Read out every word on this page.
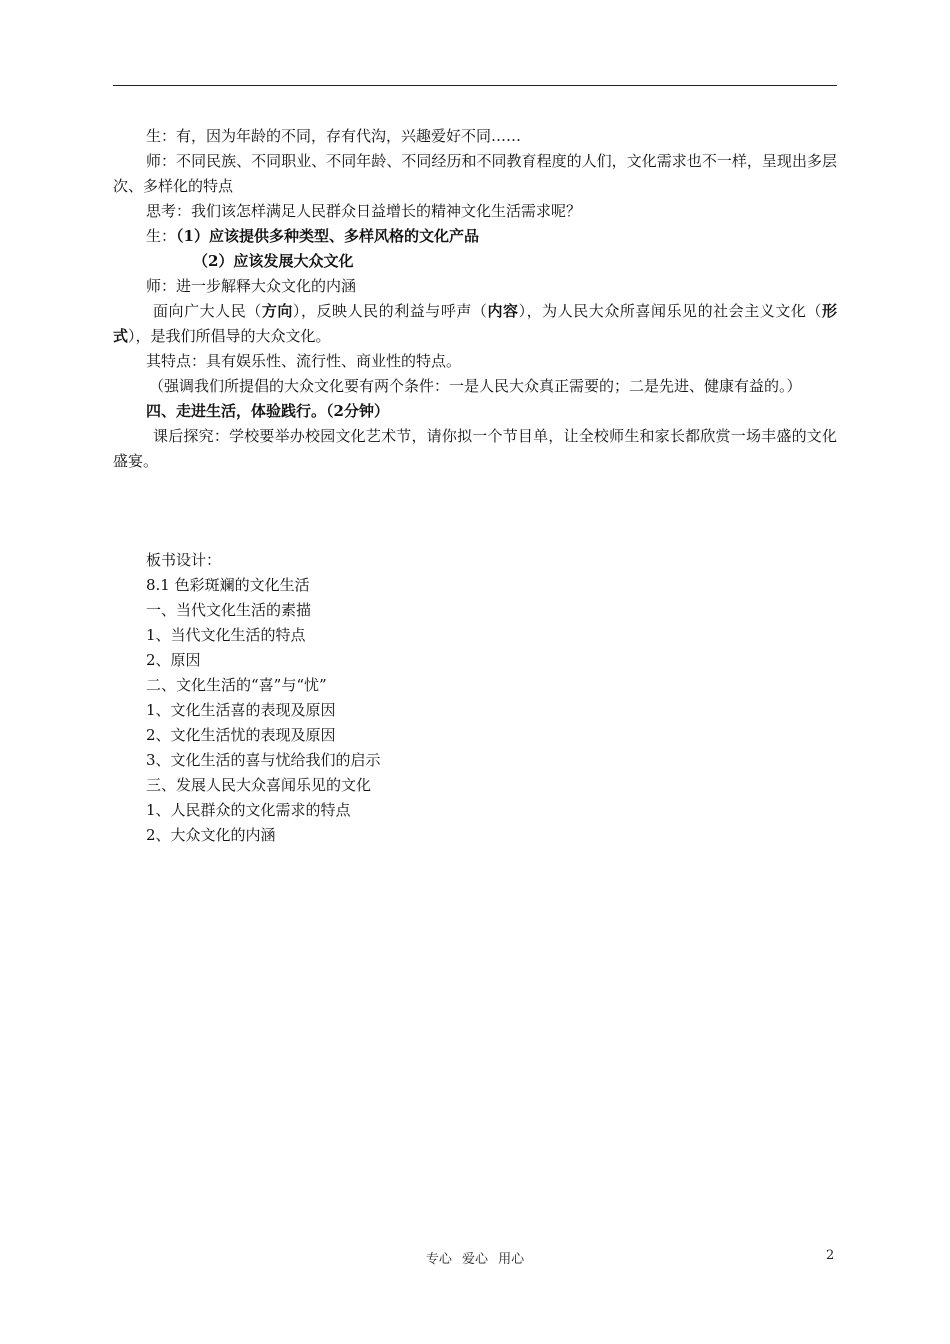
生：有，因为年龄的不同，存有代沟，兴趣爱好不同……

师：不同民族、不同职业、不同年龄、不同经历和不同教育程度的人们，文化需求也不一样，呈现出多层次、多样化的特点

思考：我们该怎样满足人民群众日益增长的精神文化生活需求呢？

生：（1）应该提供多种类型、多样风格的文化产品

（2）应该发展大众文化

师：进一步解释大众文化的内涵

面向广大人民（方向），反映人民的利益与呼声（内容），为人民大众所喜闻乐见的社会主义文化（形式），是我们所倡导的大众文化。

其特点：具有娱乐性、流行性、商业性的特点。

（强调我们所提倡的大众文化要有两个条件：一是人民大众真正需要的；二是先进、健康有益的。）

四、走进生活，体验践行。（2分钟）

课后探究：学校要举办校园文化艺术节，请你拟一个节目单，让全校师生和家长都欣赏一场丰盛的文化盛宴。

板书设计：
8.1 色彩斑斓的文化生活
一、当代文化生活的素描
1、当代文化生活的特点
2、原因
二、文化生活的“喜”与“忧”
1、文化生活喜的表现及原因
2、文化生活忧的表现及原因
3、文化生活的喜与忧给我们的启示
三、发展人民大众喜闻乐见的文化
1、人民群众的文化需求的特点
2、大众文化的内涵
专心 爱心 用心	2
